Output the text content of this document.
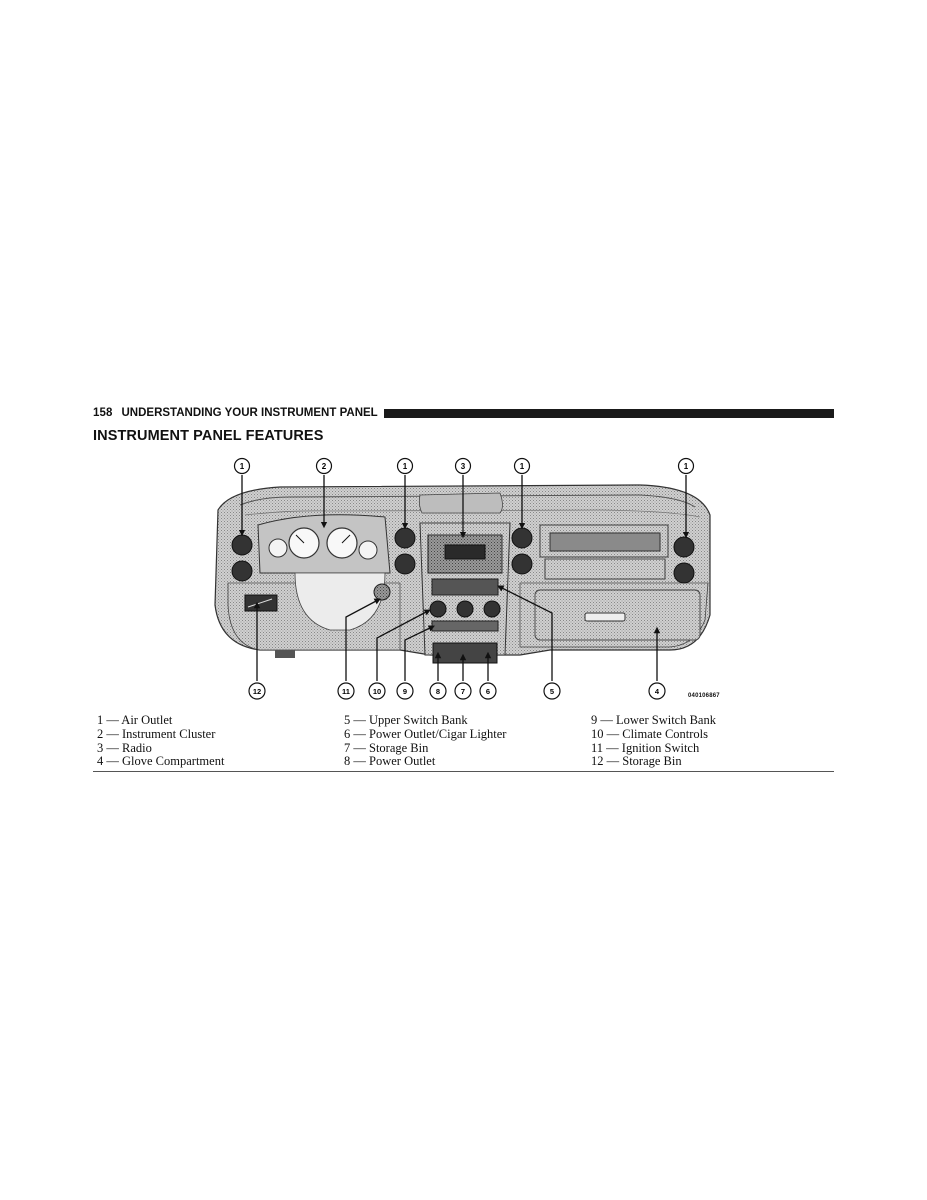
158 UNDERSTANDING YOUR INSTRUMENT PANEL
INSTRUMENT PANEL FEATURES
1	2	1	3	1	1
12	11	10	9	8	7	6	5	4	040106867
1 — Air Outlet
2 — Instrument Cluster
3 — Radio
4 — Glove Compartment
5 — Upper Switch Bank
6 — Power Outlet/Cigar Lighter
7 — Storage Bin
8 — Power Outlet
9 — Lower Switch Bank
10 — Climate Controls
11 — Ignition Switch
12 — Storage Bin
